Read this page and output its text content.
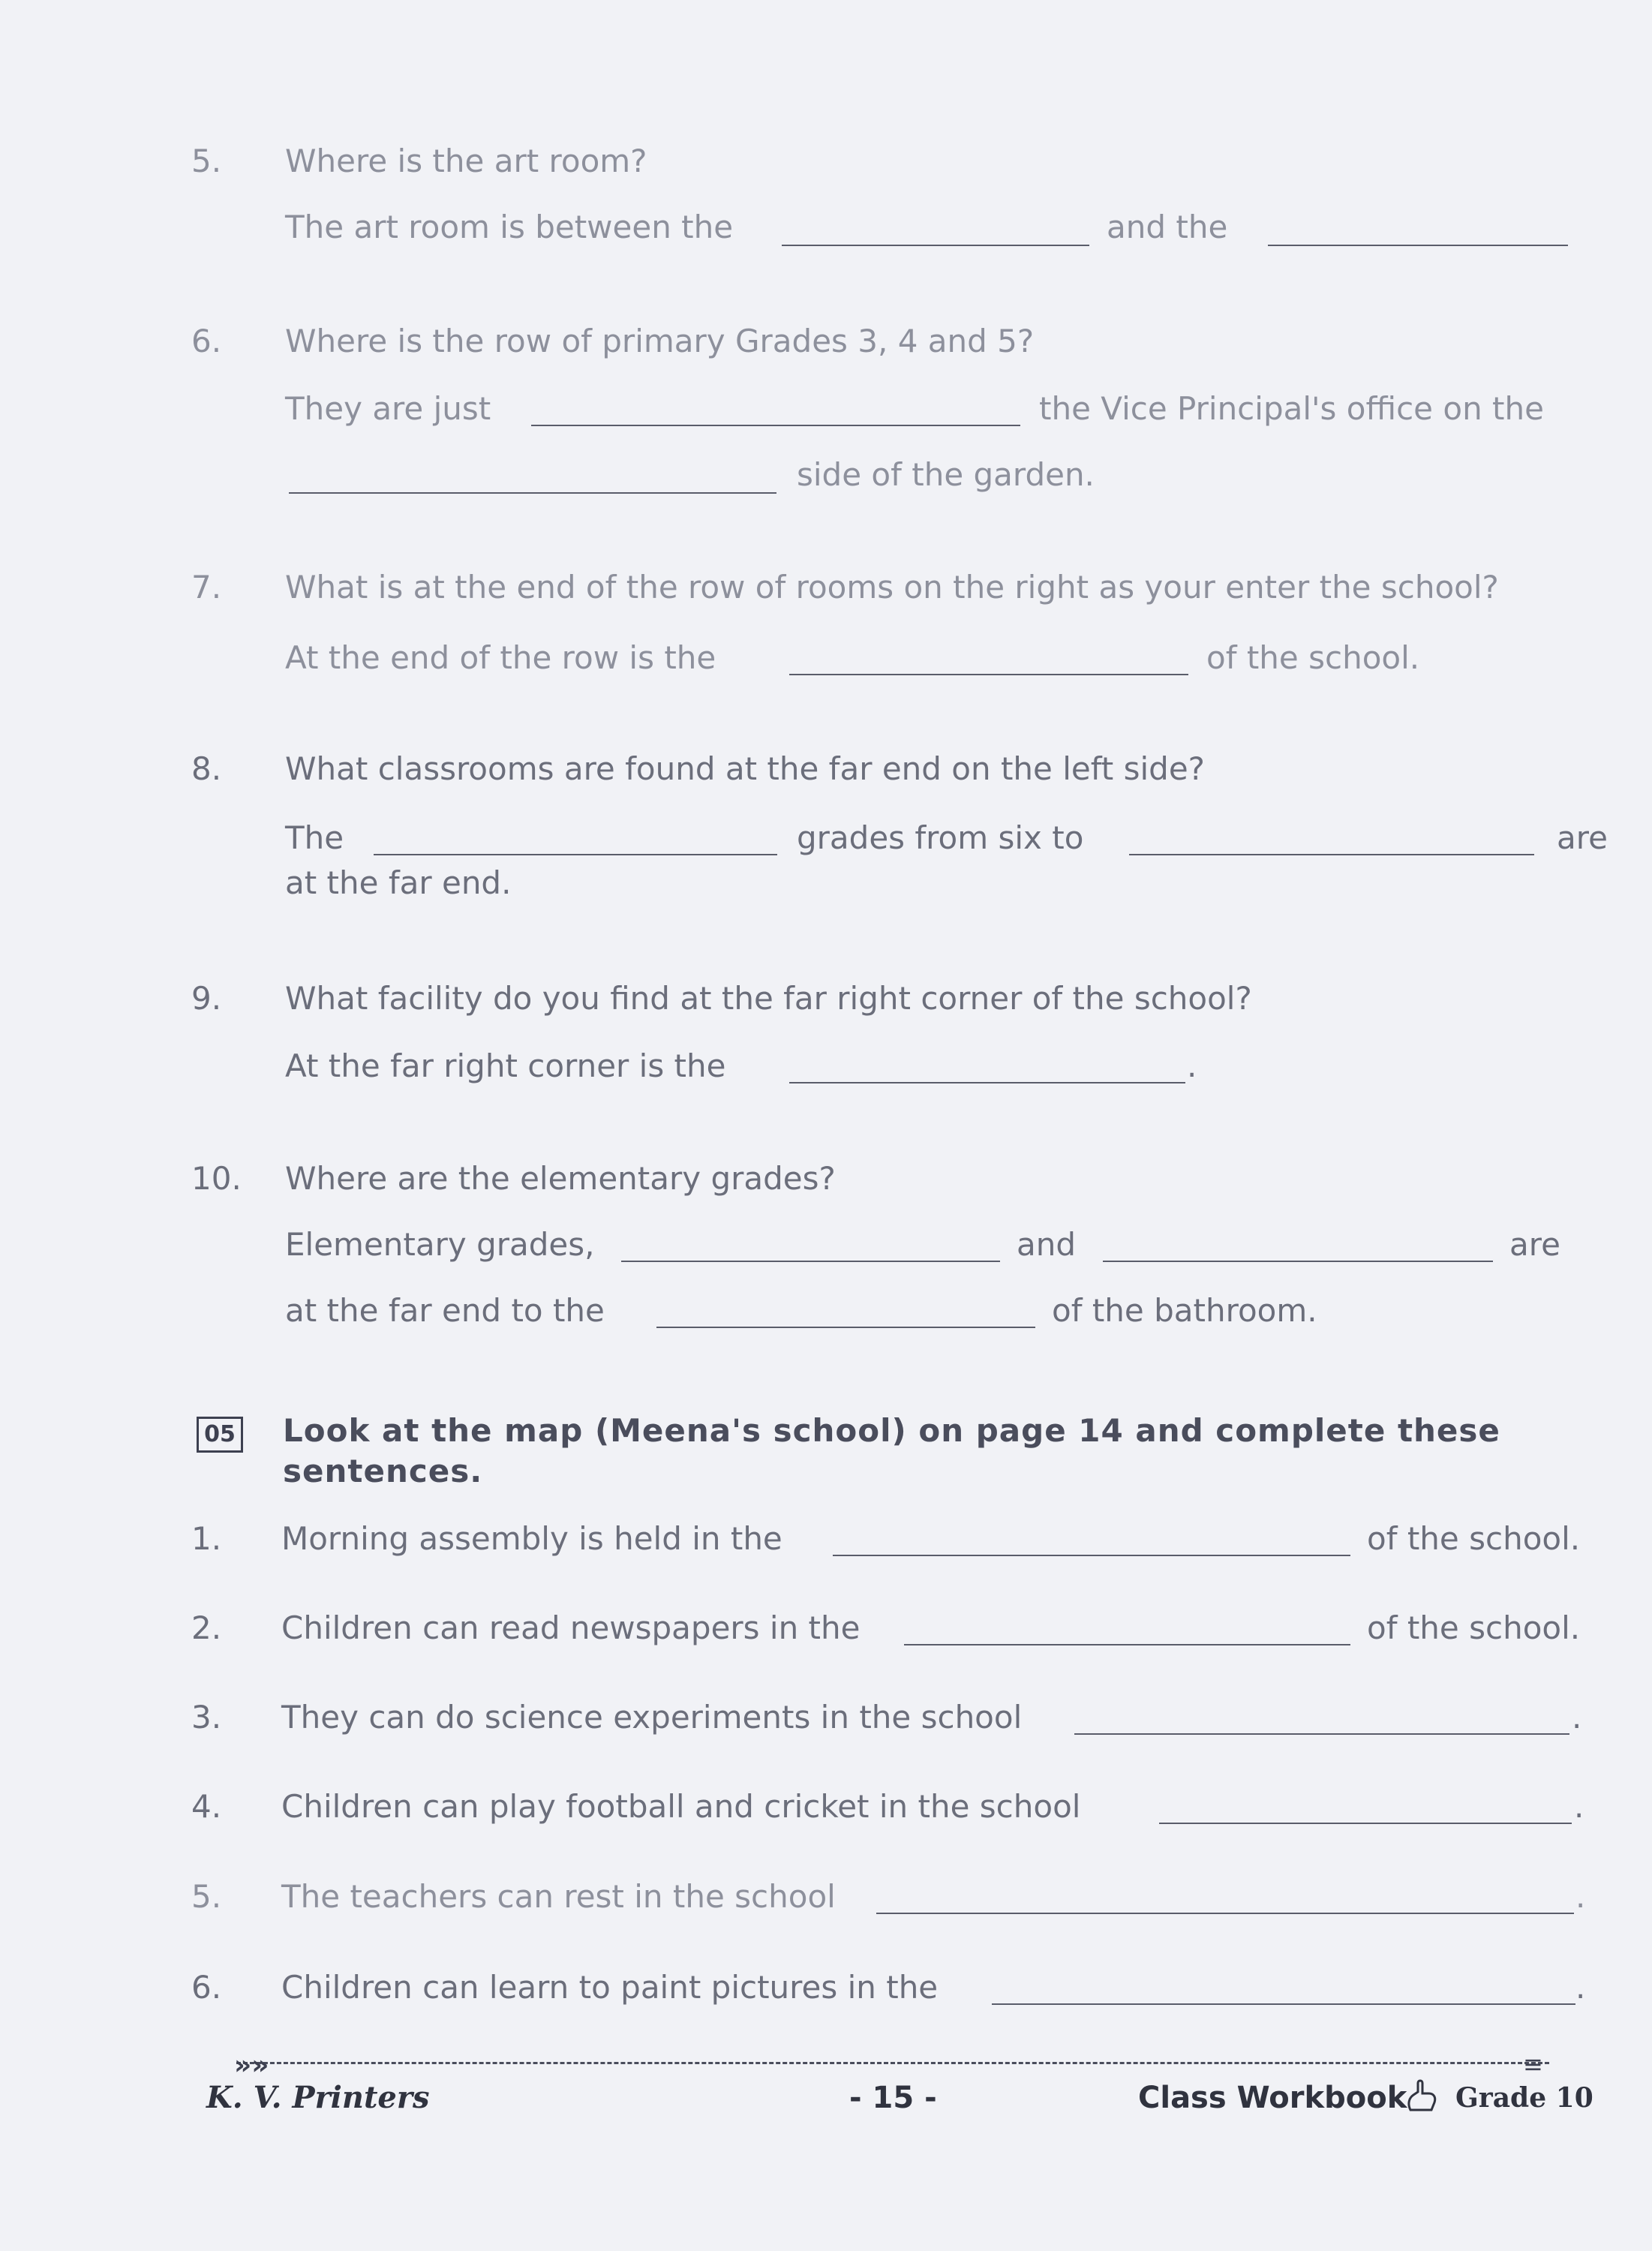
5.	Where is the art room?
The art room is between the	and the
6.	Where is the row of primary Grades 3, 4 and 5?
They are just	the Vice Principal's office on the
side of the garden.
7.	What is at the end of the row of rooms on the right as your enter the school?
At the end of the row is the	of the school.
8.	What classrooms are found at the far end on the left side?
The	grades from six to	are
at the far end.
9.	What facility do you find at the far right corner of the school?
At the far right corner is the	.
10.	Where are the elementary grades?
Elementary grades,	and	are
at the far end to the	of the bathroom.
05 Look at the map (Meena's school) on page 14 and complete these
sentences.
1.	Morning assembly is held in the	of the school.
2.	Children can read newspapers in the	of the school.
3.	They can do science experiments in the school	.
4.	Children can play football and cricket in the school	.
5.	The teachers can rest in the school	.
6.	Children can learn to paint pictures in the	.
»»	≡
K. V. Printers	- 15 -	Class Workbook Grade 10
